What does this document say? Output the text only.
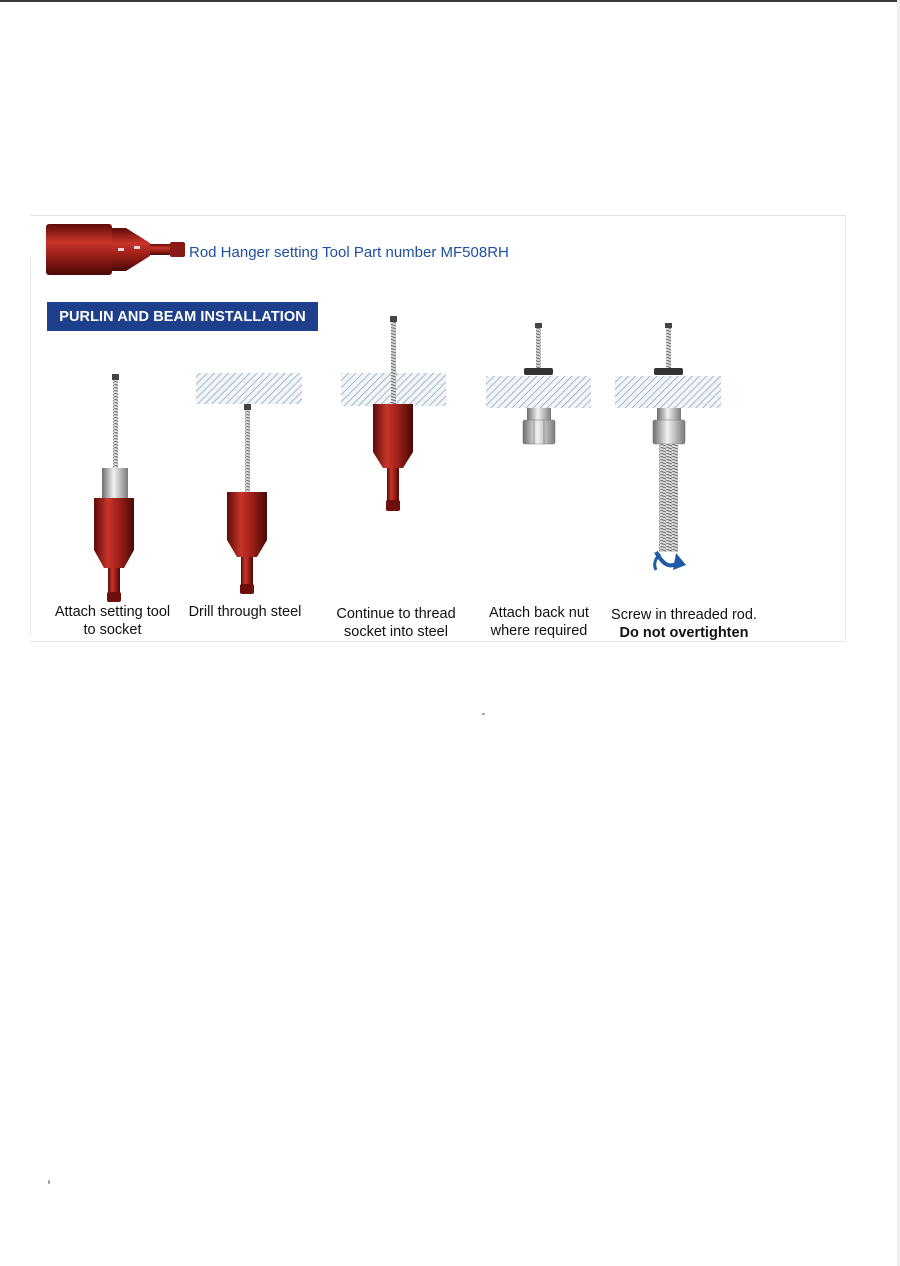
Rod Hanger setting Tool Part number MF508RH
PURLIN AND BEAM INSTALLATION
Attach setting tool
to socket
Drill through steel	Continue to thread
socket into steel
Attach back nut
where required
Screw in threaded rod.
Do not overtighten
